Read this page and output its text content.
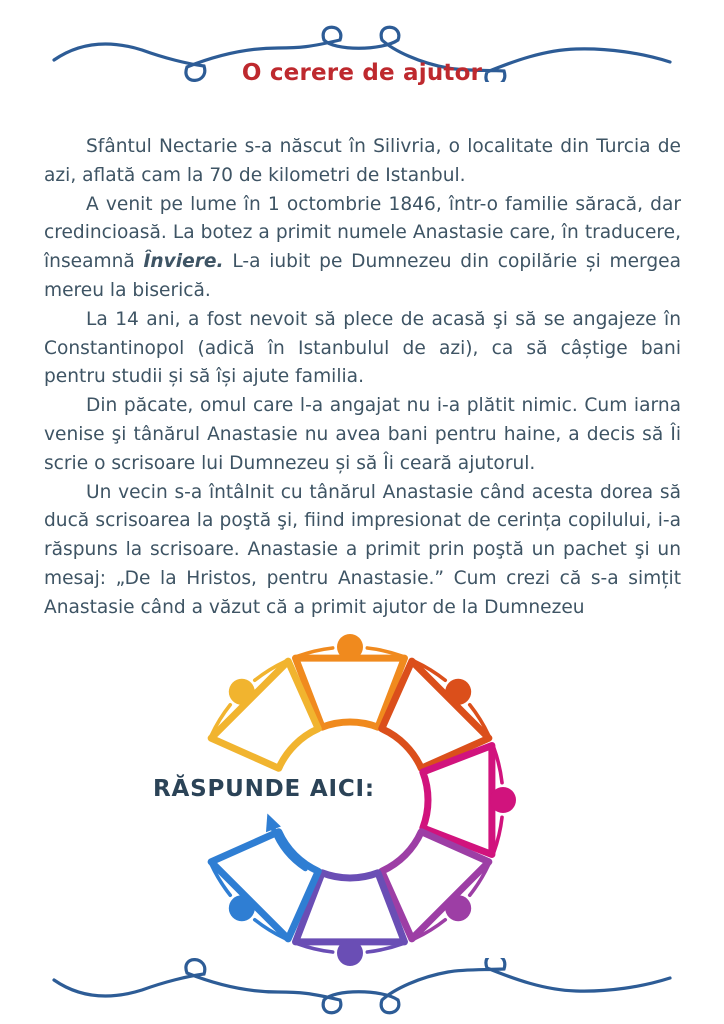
O cerere de ajutor

Sfântul Nectarie s-a născut în Silivria, o localitate din Turcia de azi, aflată cam la 70 de kilometri de Istanbul.

A venit pe lume în 1 octombrie 1846, într-o familie săracă, dar credincioasă. La botez a primit numele Anastasie care, în traducere, înseamnă Înviere. L-a iubit pe Dumnezeu din copilărie și mergea mereu la biserică.

La 14 ani, a fost nevoit să plece de acasă şi să se angajeze în Constantinopol (adică în Istanbulul de azi), ca să câștige bani pentru studii și să își ajute familia.

Din păcate, omul care l-a angajat nu i-a plătit nimic. Cum iarna venise şi tânărul Anastasie nu avea bani pentru haine, a decis să Îi scrie o scrisoare lui Dumnezeu și să Îi ceară ajutorul.

Un vecin s-a întâlnit cu tânărul Anastasie când acesta dorea să ducă scrisoarea la poştă şi, fiind impresionat de cerința copilului, i-a răspuns la scrisoare. Anastasie a primit prin poştă un pachet şi un mesaj: „De la Hristos, pentru Anastasie.” Cum crezi că s-a simțit Anastasie când a văzut că a primit ajutor de la Dumnezeu

RĂSPUNDE AICI:
